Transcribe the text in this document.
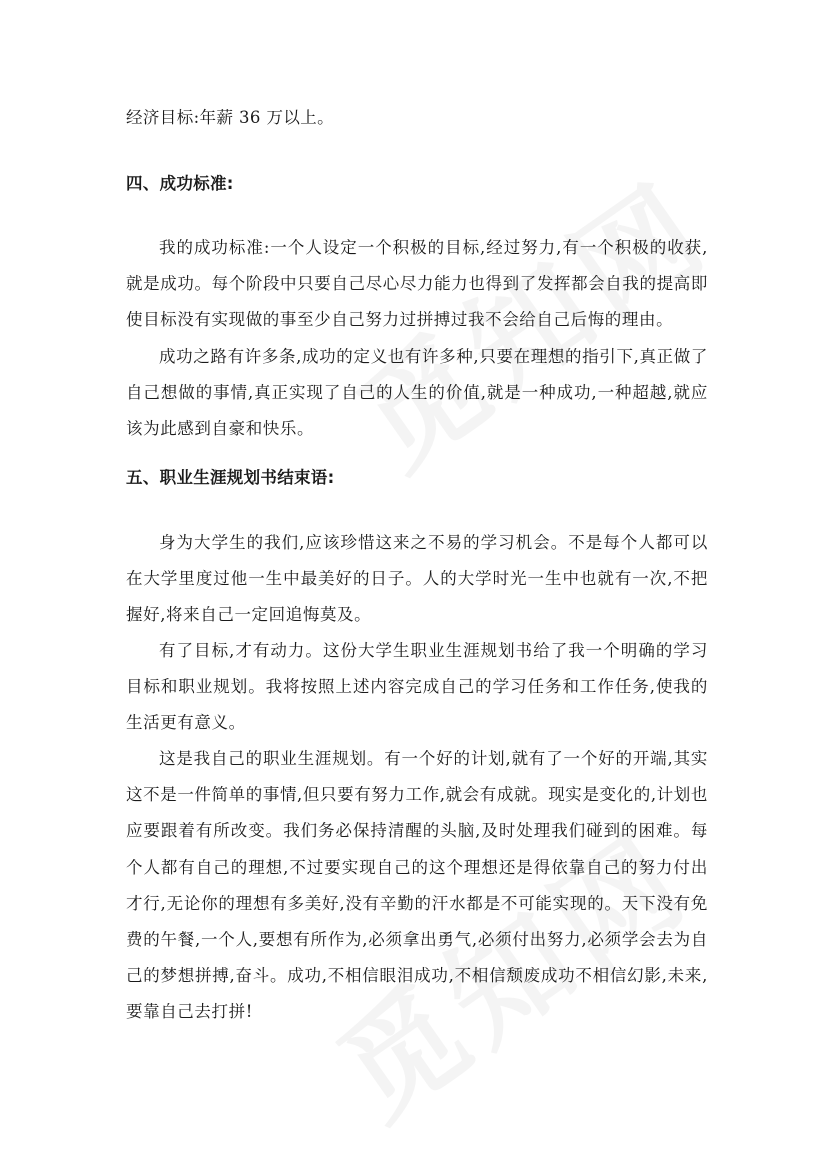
经济目标:年薪 36 万以上。
四、成功标准:

我的成功标准:一个人设定一个积极的目标,经过努力,有一个积极的收获,就是成功。每个阶段中只要自己尽心尽力能力也得到了发挥都会自我的提高即使目标没有实现做的事至少自己努力过拼搏过我不会给自己后悔的理由。

成功之路有许多条,成功的定义也有许多种,只要在理想的指引下,真正做了自己想做的事情,真正实现了自己的人生的价值,就是一种成功,一种超越,就应该为此感到自豪和快乐。

五、职业生涯规划书结束语:

身为大学生的我们,应该珍惜这来之不易的学习机会。不是每个人都可以在大学里度过他一生中最美好的日子。人的大学时光一生中也就有一次,不把握好,将来自己一定回追悔莫及。

有了目标,才有动力。这份大学生职业生涯规划书给了我一个明确的学习目标和职业规划。我将按照上述内容完成自己的学习任务和工作任务,使我的生活更有意义。

这是我自己的职业生涯规划。有一个好的计划,就有了一个好的开端,其实这不是一件简单的事情,但只要有努力工作,就会有成就。现实是变化的,计划也应要跟着有所改变。我们务必保持清醒的头脑,及时处理我们碰到的困难。每个人都有自己的理想,不过要实现自己的这个理想还是得依靠自己的努力付出才行,无论你的理想有多美好,没有辛勤的汗水都是不可能实现的。天下没有免费的午餐,一个人,要想有所作为,必须拿出勇气,必须付出努力,必须学会去为自己的梦想拼搏,奋斗。成功,不相信眼泪成功,不相信颓废成功不相信幻影,未来,要靠自己去打拼!
